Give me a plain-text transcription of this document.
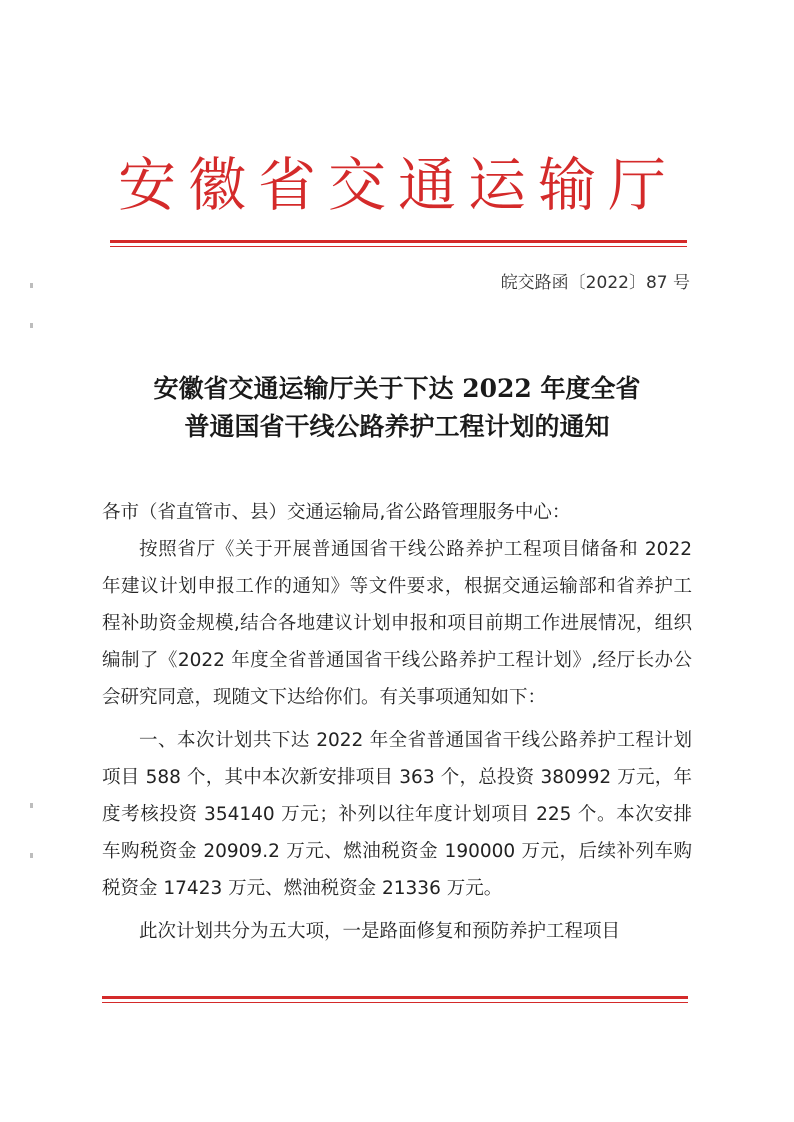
安徽省交通运输厅
皖交路函〔2022〕87 号
安徽省交通运输厅关于下达 2022 年度全省
普通国省干线公路养护工程计划的通知

各市（省直管市、县）交通运输局,省公路管理服务中心：

按照省厅《关于开展普通国省干线公路养护工程项目储备和 2022 年建议计划申报工作的通知》等文件要求，根据交通运输部和省养护工程补助资金规模,结合各地建议计划申报和项目前期工作进展情况，组织编制了《2022 年度全省普通国省干线公路养护工程计划》,经厅长办公会研究同意，现随文下达给你们。有关事项通知如下：

一、本次计划共下达 2022 年全省普通国省干线公路养护工程计划项目 588 个，其中本次新安排项目 363 个，总投资 380992 万元，年度考核投资 354140 万元；补列以往年度计划项目 225 个。本次安排车购税资金 20909.2 万元、燃油税资金 190000 万元，后续补列车购税资金 17423 万元、燃油税资金 21336 万元。

此次计划共分为五大项，一是路面修复和预防养护工程项目
